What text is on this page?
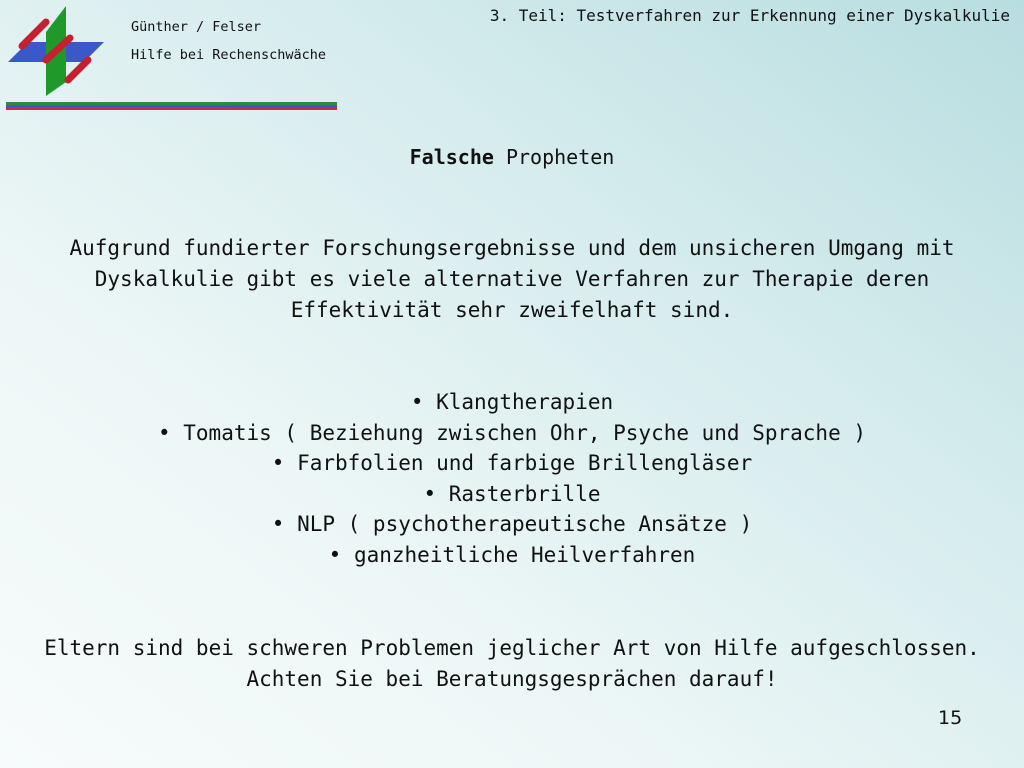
Günther / Felser
Hilfe bei Rechenschwäche
3. Teil: Testverfahren zur Erkennung einer Dyskalkulie
Falsche Propheten
Aufgrund fundierter Forschungsergebnisse und dem unsicheren Umgang mit Dyskalkulie gibt es viele alternative Verfahren zur Therapie deren Effektivität sehr zweifelhaft sind.
• Klangtherapien
• Tomatis ( Beziehung zwischen Ohr, Psyche und Sprache )
• Farbfolien und farbige Brillengläser
• Rasterbrille
• NLP ( psychotherapeutische Ansätze )
• ganzheitliche Heilverfahren
Eltern sind bei schweren Problemen jeglicher Art von Hilfe aufgeschlossen. Achten Sie bei Beratungsgesprächen darauf!
15
